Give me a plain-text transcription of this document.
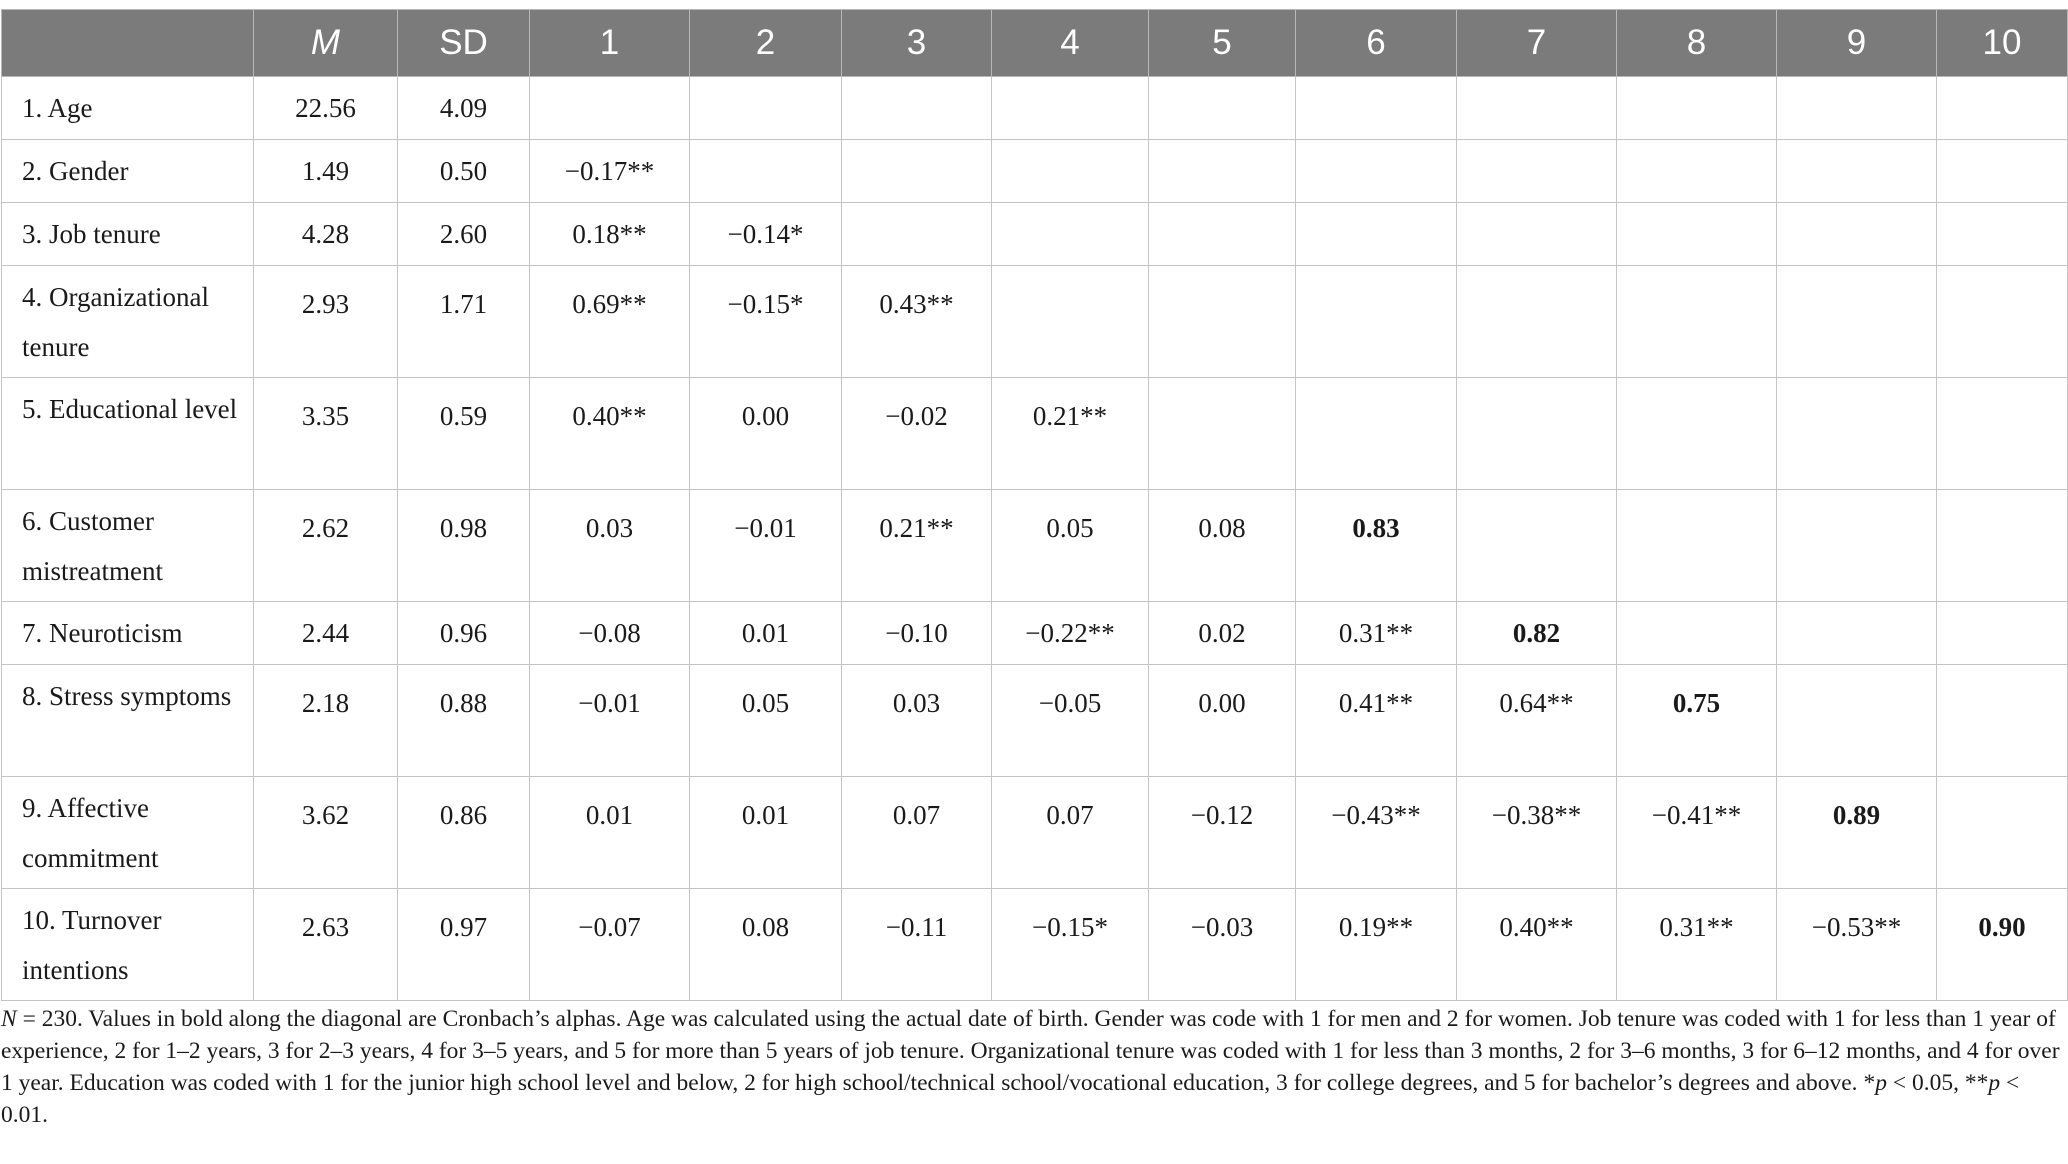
	M	SD	1	2	3	4	5	6	7	8	9	10

1. Age	22.56	4.09										

2. Gender	1.49	0.50	−0.17**									

3. Job tenure	4.28	2.60	0.18**	−0.14*								

4. Organizational tenure	2.93	1.71	0.69**	−0.15*	0.43**							

5. Educational level	3.35	0.59	0.40**	0.00	−0.02	0.21**						

6. Customer mistreatment	2.62	0.98	0.03	−0.01	0.21**	0.05	0.08	0.83				

7. Neuroticism	2.44	0.96	−0.08	0.01	−0.10	−0.22**	0.02	0.31**	0.82			

8. Stress symptoms	2.18	0.88	−0.01	0.05	0.03	−0.05	0.00	0.41**	0.64**	0.75		

9. Affective commitment	3.62	0.86	0.01	0.01	0.07	0.07	−0.12	−0.43**	−0.38**	−0.41**	0.89	

10. Turnover intentions	2.63	0.97	−0.07	0.08	−0.11	−0.15*	−0.03	0.19**	0.40**	0.31**	−0.53**	0.90

N = 230. Values in bold along the diagonal are Cronbach’s alphas. Age was calculated using the actual date of birth. Gender was code with 1 for men and 2 for women. Job tenure was coded with 1 for less than 1 year of experience, 2 for 1–2 years, 3 for 2–3 years, 4 for 3–5 years, and 5 for more than 5 years of job tenure. Organizational tenure was coded with 1 for less than 3 months, 2 for 3–6 months, 3 for 6–12 months, and 4 for over 1 year. Education was coded with 1 for the junior high school level and below, 2 for high school/technical school/vocational education, 3 for college degrees, and 5 for bachelor’s degrees and above. *p < 0.05, **p < 0.01.
